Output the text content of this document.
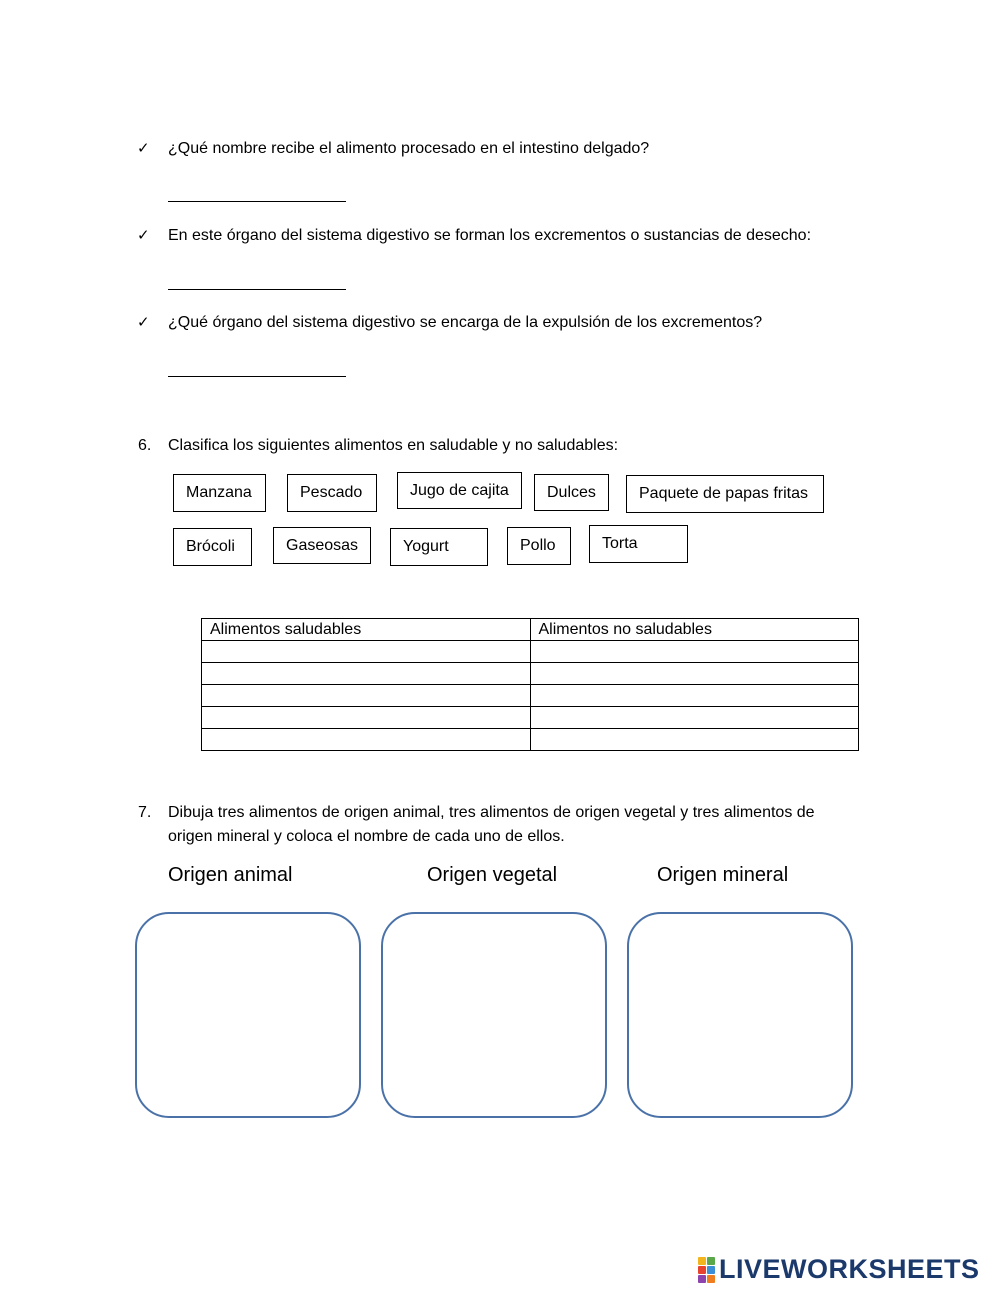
✓ ¿Qué nombre recibe el alimento procesado en el intestino delgado?
✓ En este órgano del sistema digestivo se forman los excrementos o sustancias de desecho:
✓ ¿Qué órgano del sistema digestivo se encarga de la expulsión de los excrementos?
6. Clasifica los siguientes alimentos en saludable y no saludables:
Manzana	Pescado	Jugo de cajita	Dulces	Paquete de papas fritas
Brócoli	Gaseosas	Yogurt	Pollo	Torta
Alimentos saludables	Alimentos no saludables

7. Dibuja tres alimentos de origen animal, tres alimentos de origen vegetal y tres alimentos de
origen mineral y coloca el nombre de cada uno de ellos.
Origen animal	Origen vegetal	Origen mineral
LIVEWORKSHEETS
